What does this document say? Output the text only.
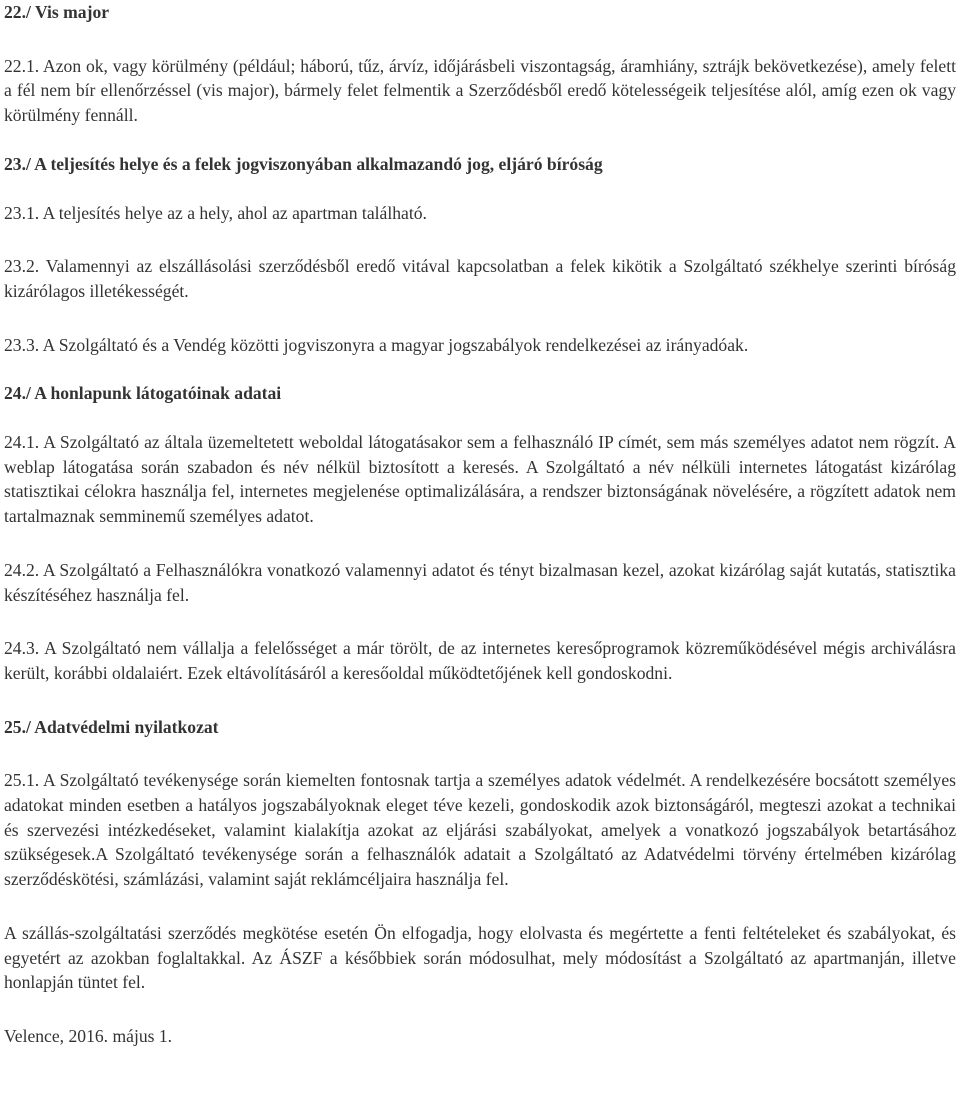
22./ Vis major

22.1. Azon ok, vagy körülmény (például; háború, tűz, árvíz, időjárásbeli viszontagság, áramhiány, sztrájk bekövetkezése), amely felett a fél nem bír ellenőrzéssel (vis major), bármely felet felmentik a Szerződésből eredő kötelességeik teljesítése alól, amíg ezen ok vagy körülmény fennáll.

23./ A teljesítés helye és a felek jogviszonyában alkalmazandó jog, eljáró bíróság

23.1. A teljesítés helye az a hely, ahol az apartman található.

23.2. Valamennyi az elszállásolási szerződésből eredő vitával kapcsolatban a felek kikötik a Szolgáltató székhelye szerinti bíróság kizárólagos illetékességét.

23.3. A Szolgáltató és a Vendég közötti jogviszonyra a magyar jogszabályok rendelkezései az irányadóak.

24./ A honlapunk látogatóinak adatai

24.1. A Szolgáltató az általa üzemeltetett weboldal látogatásakor sem a felhasználó IP címét, sem más személyes adatot nem rögzít. A weblap látogatása során szabadon és név nélkül biztosított a keresés. A Szolgáltató a név nélküli internetes látogatást kizárólag statisztikai célokra használja fel, internetes megjelenése optimalizálására, a rendszer biztonságának növelésére, a rögzített adatok nem tartalmaznak semminemű személyes adatot.

24.2. A Szolgáltató a Felhasználókra vonatkozó valamennyi adatot és tényt bizalmasan kezel, azokat kizárólag saját kutatás, statisztika készítéséhez használja fel.

24.3. A Szolgáltató nem vállalja a felelősséget a már törölt, de az internetes keresőprogramok közreműködésével mégis archiválásra került, korábbi oldalaiért. Ezek eltávolításáról a keresőoldal működtetőjének kell gondoskodni.

25./ Adatvédelmi nyilatkozat

25.1. A Szolgáltató tevékenysége során kiemelten fontosnak tartja a személyes adatok védelmét. A rendelkezésére bocsátott személyes adatokat minden esetben a hatályos jogszabályoknak eleget téve kezeli, gondoskodik azok biztonságáról, megteszi azokat a technikai és szervezési intézkedéseket, valamint kialakítja azokat az eljárási szabályokat, amelyek a vonatkozó jogszabályok betartásához szükségesek.A Szolgáltató tevékenysége során a felhasználók adatait a Szolgáltató az Adatvédelmi törvény értelmében kizárólag szerződéskötési, számlázási, valamint saját reklámcéljaira használja fel.

A szállás-szolgáltatási szerződés megkötése esetén Ön elfogadja, hogy elolvasta és megértette a fenti feltételeket és szabályokat, és egyetért az azokban foglaltakkal. Az ÁSZF a későbbiek során módosulhat, mely módosítást a Szolgáltató az apartmanján, illetve honlapján tüntet fel.

Velence, 2016. május 1.
